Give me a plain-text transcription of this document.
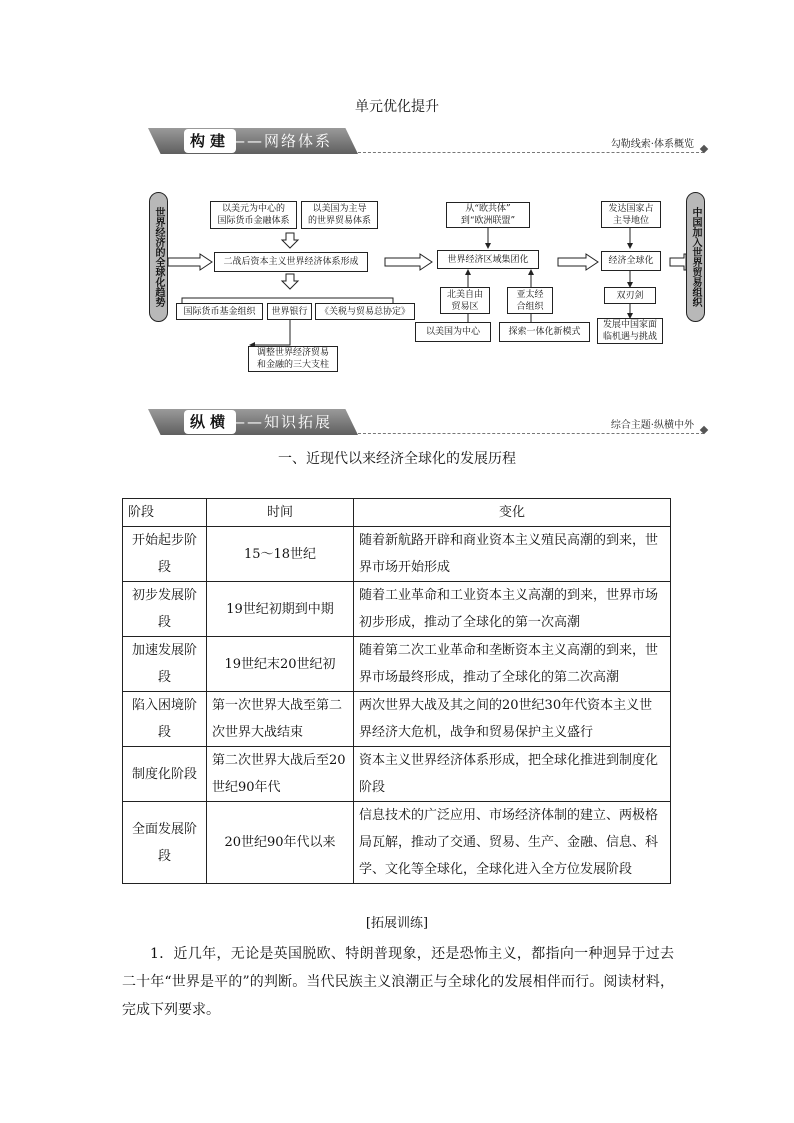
单元优化提升
构建 ——网络体系	勾勒线索·体系概览
世界经济的全球化趋势	中国加入世界贸易组织
以美元为中心的
国际货币金融体系
以美国为主导
的世界贸易体系
二战后资本主义世界经济体系形成
国际货币基金组织	世界银行	《关税与贸易总协定》
调整世界经济贸易
和金融的三大支柱
从“欧共体”
到“欧洲联盟”
世界经济区域集团化
北美自由
贸易区
亚太经
合组织
以美国为中心	探索一体化新模式
发达国家占
主导地位
经济全球化
双刃剑
发展中国家面
临机遇与挑战
纵横 ——知识拓展	综合主题·纵横中外
一、近现代以来经济全球化的发展历程
阶段	时间	变化
开始起步阶段	15～18世纪	随着新航路开辟和商业资本主义殖民高潮的到来，世界市场开始形成
初步发展阶段	19世纪初期到中期	随着工业革命和工业资本主义高潮的到来，世界市场初步形成，推动了全球化的第一次高潮
加速发展阶段	19世纪末20世纪初	随着第二次工业革命和垄断资本主义高潮的到来，世界市场最终形成，推动了全球化的第二次高潮
陷入困境阶段	第一次世界大战至第二次世界大战结束	两次世界大战及其之间的20世纪30年代资本主义世界经济大危机，战争和贸易保护主义盛行
制度化阶段	第二次世界大战后至20世纪90年代	资本主义世界经济体系形成，把全球化推进到制度化阶段
全面发展阶段	20世纪90年代以来	信息技术的广泛应用、市场经济体制的建立、两极格局瓦解，推动了交通、贸易、生产、金融、信息、科学、文化等全球化，全球化进入全方位发展阶段
[拓展训练]
1．近几年，无论是英国脱欧、特朗普现象，还是恐怖主义，都指向一种迥异于过去二十年“世界是平的”的判断。当代民族主义浪潮正与全球化的发展相伴而行。阅读材料，完成下列要求。
